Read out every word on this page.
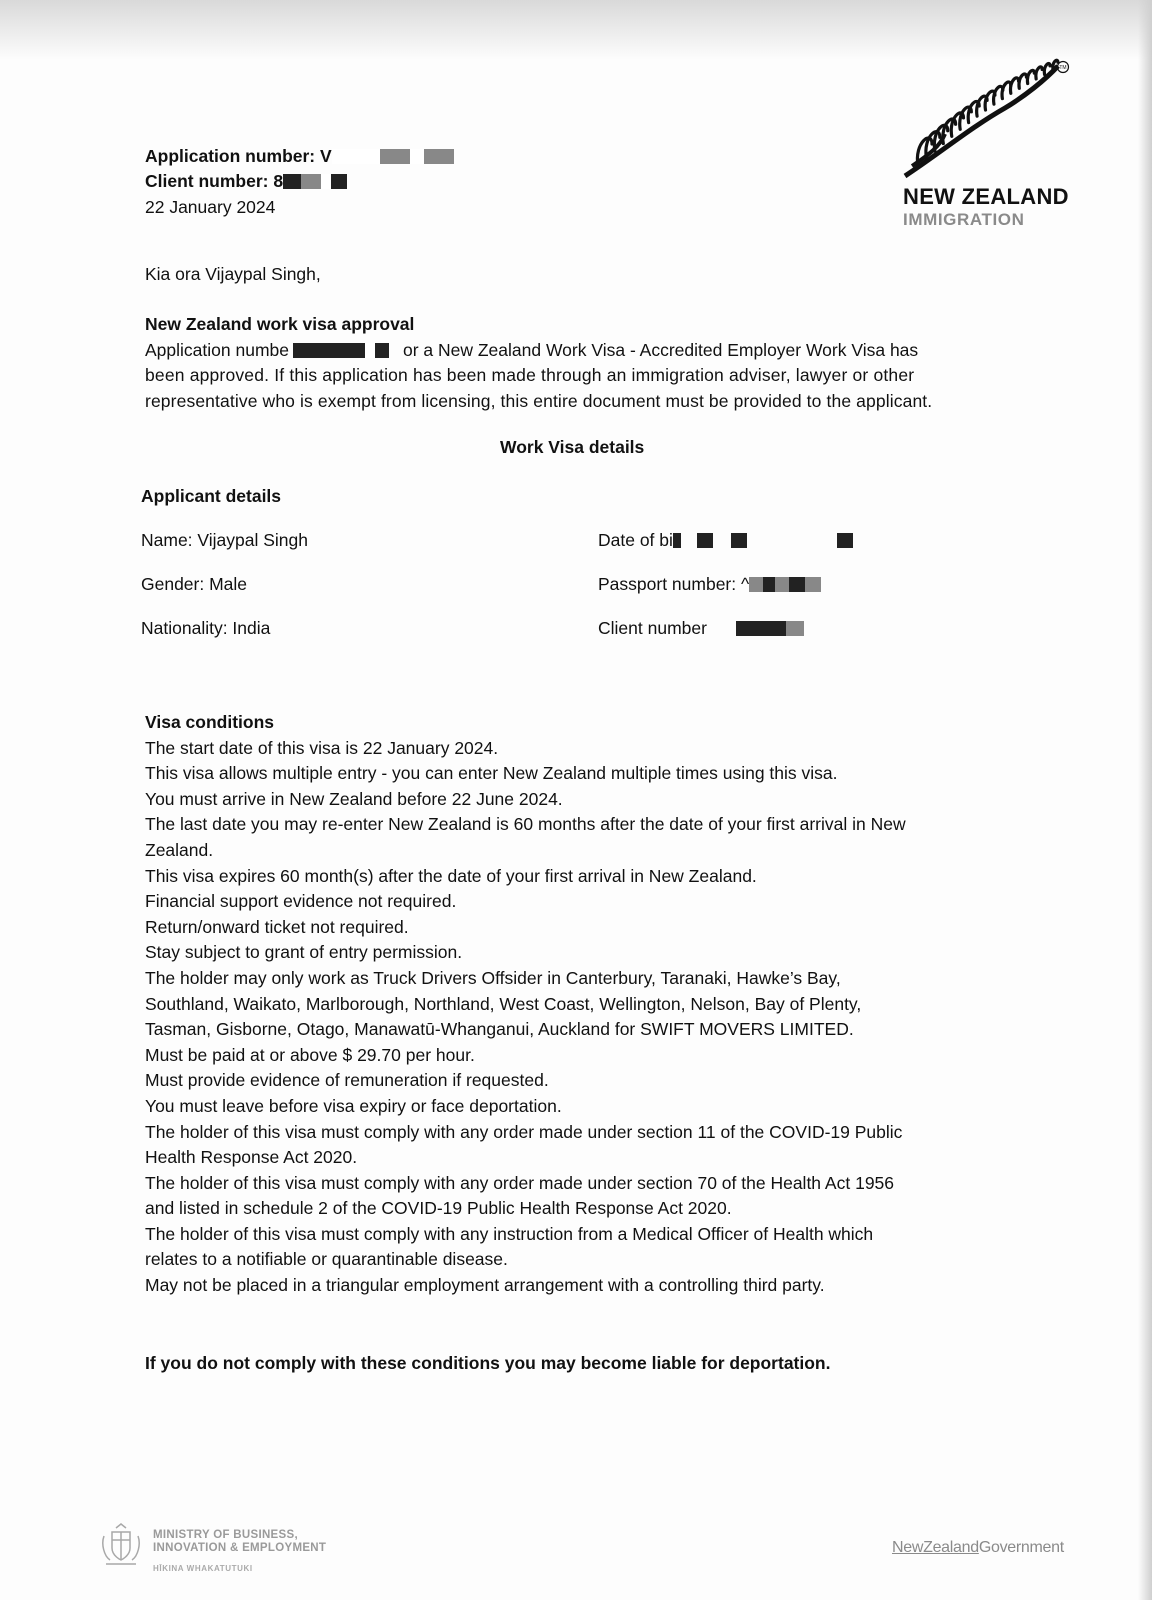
TM
NEW ZEALAND
IMMIGRATION
Application number: V
Client number: 8
22 January 2024
Kia ora Vijaypal Singh,
New Zealand work visa approval
Application numbe	or a New Zealand Work Visa - Accredited Employer Work Visa has
been approved. If this application has been made through an immigration adviser, lawyer or other
representative who is exempt from licensing, this entire document must be provided to the applicant.
Work Visa details
Applicant details
Name: Vijaypal Singh
Gender: Male
Nationality: India
Date of bi
Passport number: ^
Client number
Visa conditions
The start date of this visa is 22 January 2024.
This visa allows multiple entry - you can enter New Zealand multiple times using this visa.
You must arrive in New Zealand before 22 June 2024.
The last date you may re-enter New Zealand is 60 months after the date of your first arrival in New
Zealand.
This visa expires 60 month(s) after the date of your first arrival in New Zealand.
Financial support evidence not required.
Return/onward ticket not required.
Stay subject to grant of entry permission.
The holder may only work as Truck Drivers Offsider in Canterbury, Taranaki, Hawke’s Bay,
Southland, Waikato, Marlborough, Northland, West Coast, Wellington, Nelson, Bay of Plenty,
Tasman, Gisborne, Otago, Manawatū-Whanganui, Auckland for SWIFT MOVERS LIMITED.
Must be paid at or above $ 29.70 per hour.
Must provide evidence of remuneration if requested.
You must leave before visa expiry or face deportation.
The holder of this visa must comply with any order made under section 11 of the COVID-19 Public
Health Response Act 2020.
The holder of this visa must comply with any order made under section 70 of the Health Act 1956
and listed in schedule 2 of the COVID-19 Public Health Response Act 2020.
The holder of this visa must comply with any instruction from a Medical Officer of Health which
relates to a notifiable or quarantinable disease.
May not be placed in a triangular employment arrangement with a controlling third party.
If you do not comply with these conditions you may become liable for deportation.
MINISTRY OF BUSINESS,
INNOVATION & EMPLOYMENT
HĪKINA WHAKATUTUKI
NewZealandGovernment
